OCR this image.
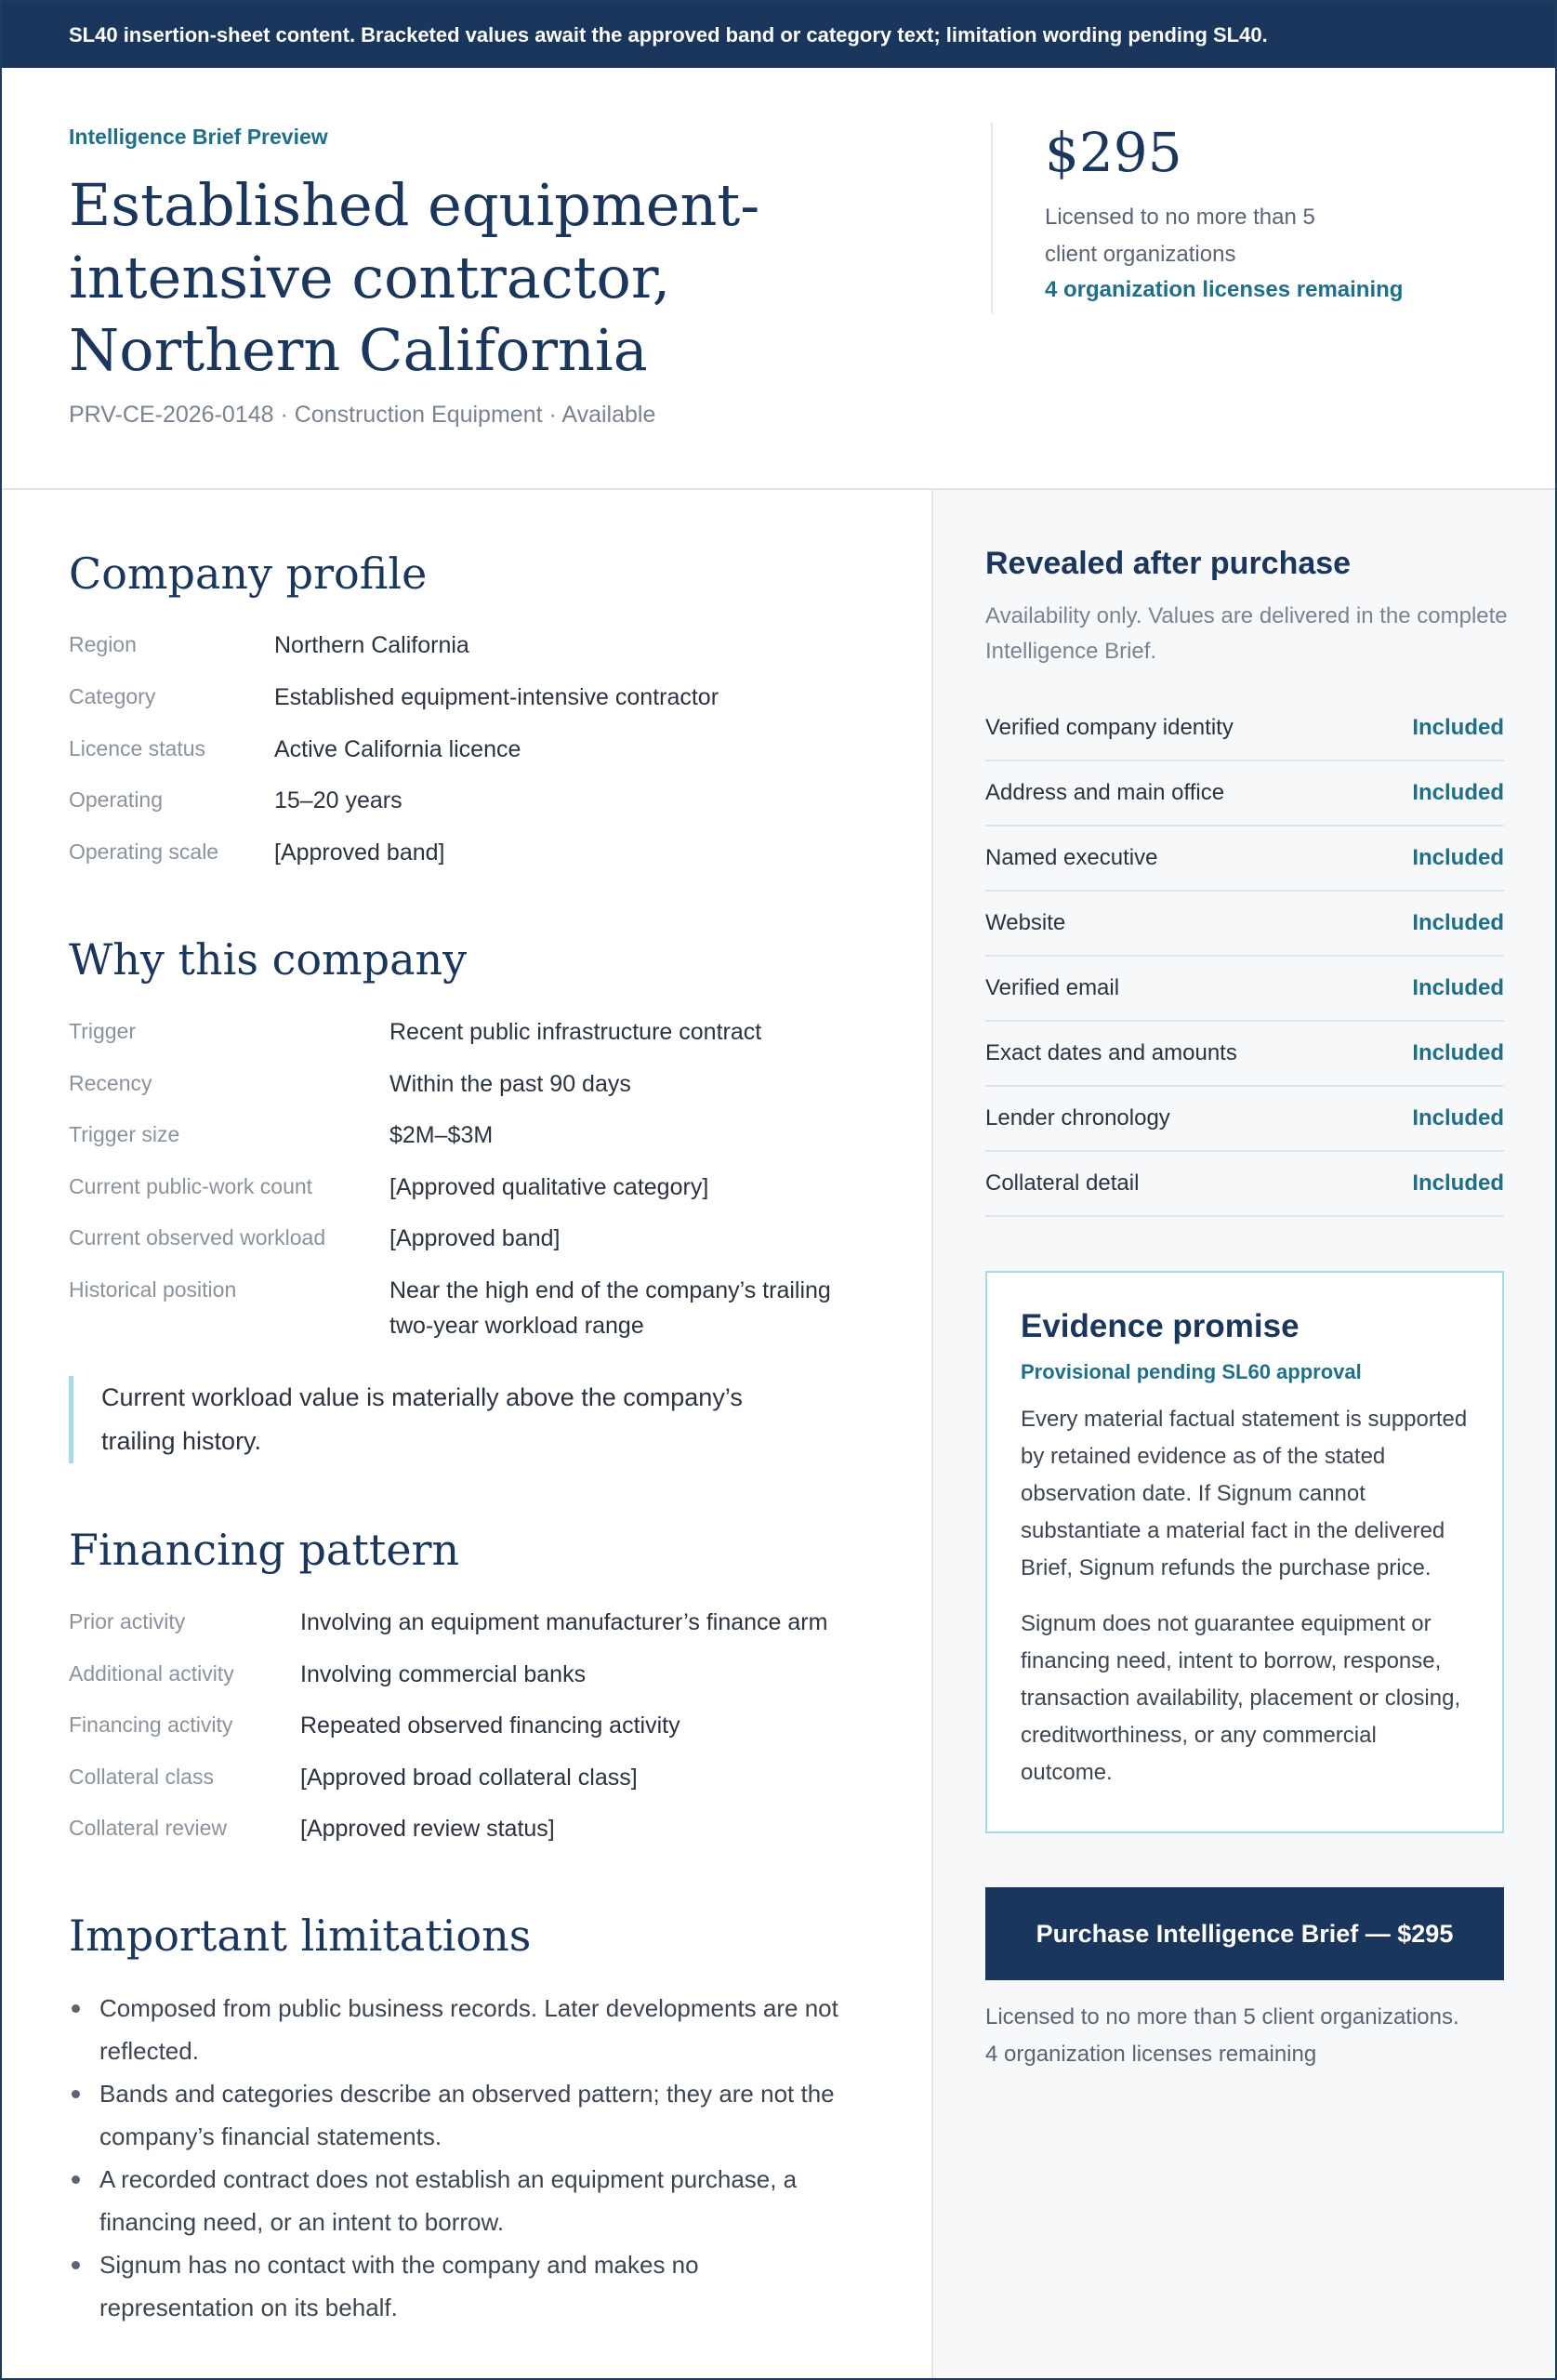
SL40 insertion-sheet content. Bracketed values await the approved band or category text; limitation wording pending SL40.
Intelligence Brief Preview
Established equipment-
intensive contractor,
Northern California
PRV-CE-2026-0148 · Construction Equipment · Available
$295
Licensed to no more than 5 client organizations
4 organization licenses remaining
Company profile
Region	Northern California
Category	Established equipment-intensive contractor
Licence status	Active California licence
Operating	15–20 years
Operating scale [Approved band]
Why this company
Trigger	Recent public infrastructure contract
Recency	Within the past 90 days
Trigger size	$2M–$3M
Current public-work count	[Approved qualitative category]
Current observed workload	[Approved band]
Historical position	Near the high end of the company’s trailing two-year workload range
Current workload value is materially above the company’s trailing history.
Financing pattern
Prior activity	Involving an equipment manufacturer’s finance arm
Additional activity	Involving commercial banks
Financing activity	Repeated observed financing activity
Collateral class	[Approved broad collateral class]
Collateral review	[Approved review status]
Important limitations
Composed from public business records. Later developments are not reflected.
Bands and categories describe an observed pattern; they are not the company’s financial statements.
A recorded contract does not establish an equipment purchase, a financing need, or an intent to borrow.
Signum has no contact with the company and makes no representation on its behalf.
Revealed after purchase
Availability only. Values are delivered in the complete Intelligence Brief.
Verified company identity	Included
Address and main office	Included
Named executive	Included
Website	Included
Verified email	Included
Exact dates and amounts	Included
Lender chronology	Included
Collateral detail	Included
Evidence promise
Provisional pending SL60 approval

Every material factual statement is supported by retained evidence as of the stated observation date. If Signum cannot substantiate a material fact in the delivered Brief, Signum refunds the purchase price.

Signum does not guarantee equipment or financing need, intent to borrow, response, transaction availability, placement or closing, creditworthiness, or any commercial outcome.

Purchase Intelligence Brief — $295
Licensed to no more than 5 client organizations.
4 organization licenses remaining
